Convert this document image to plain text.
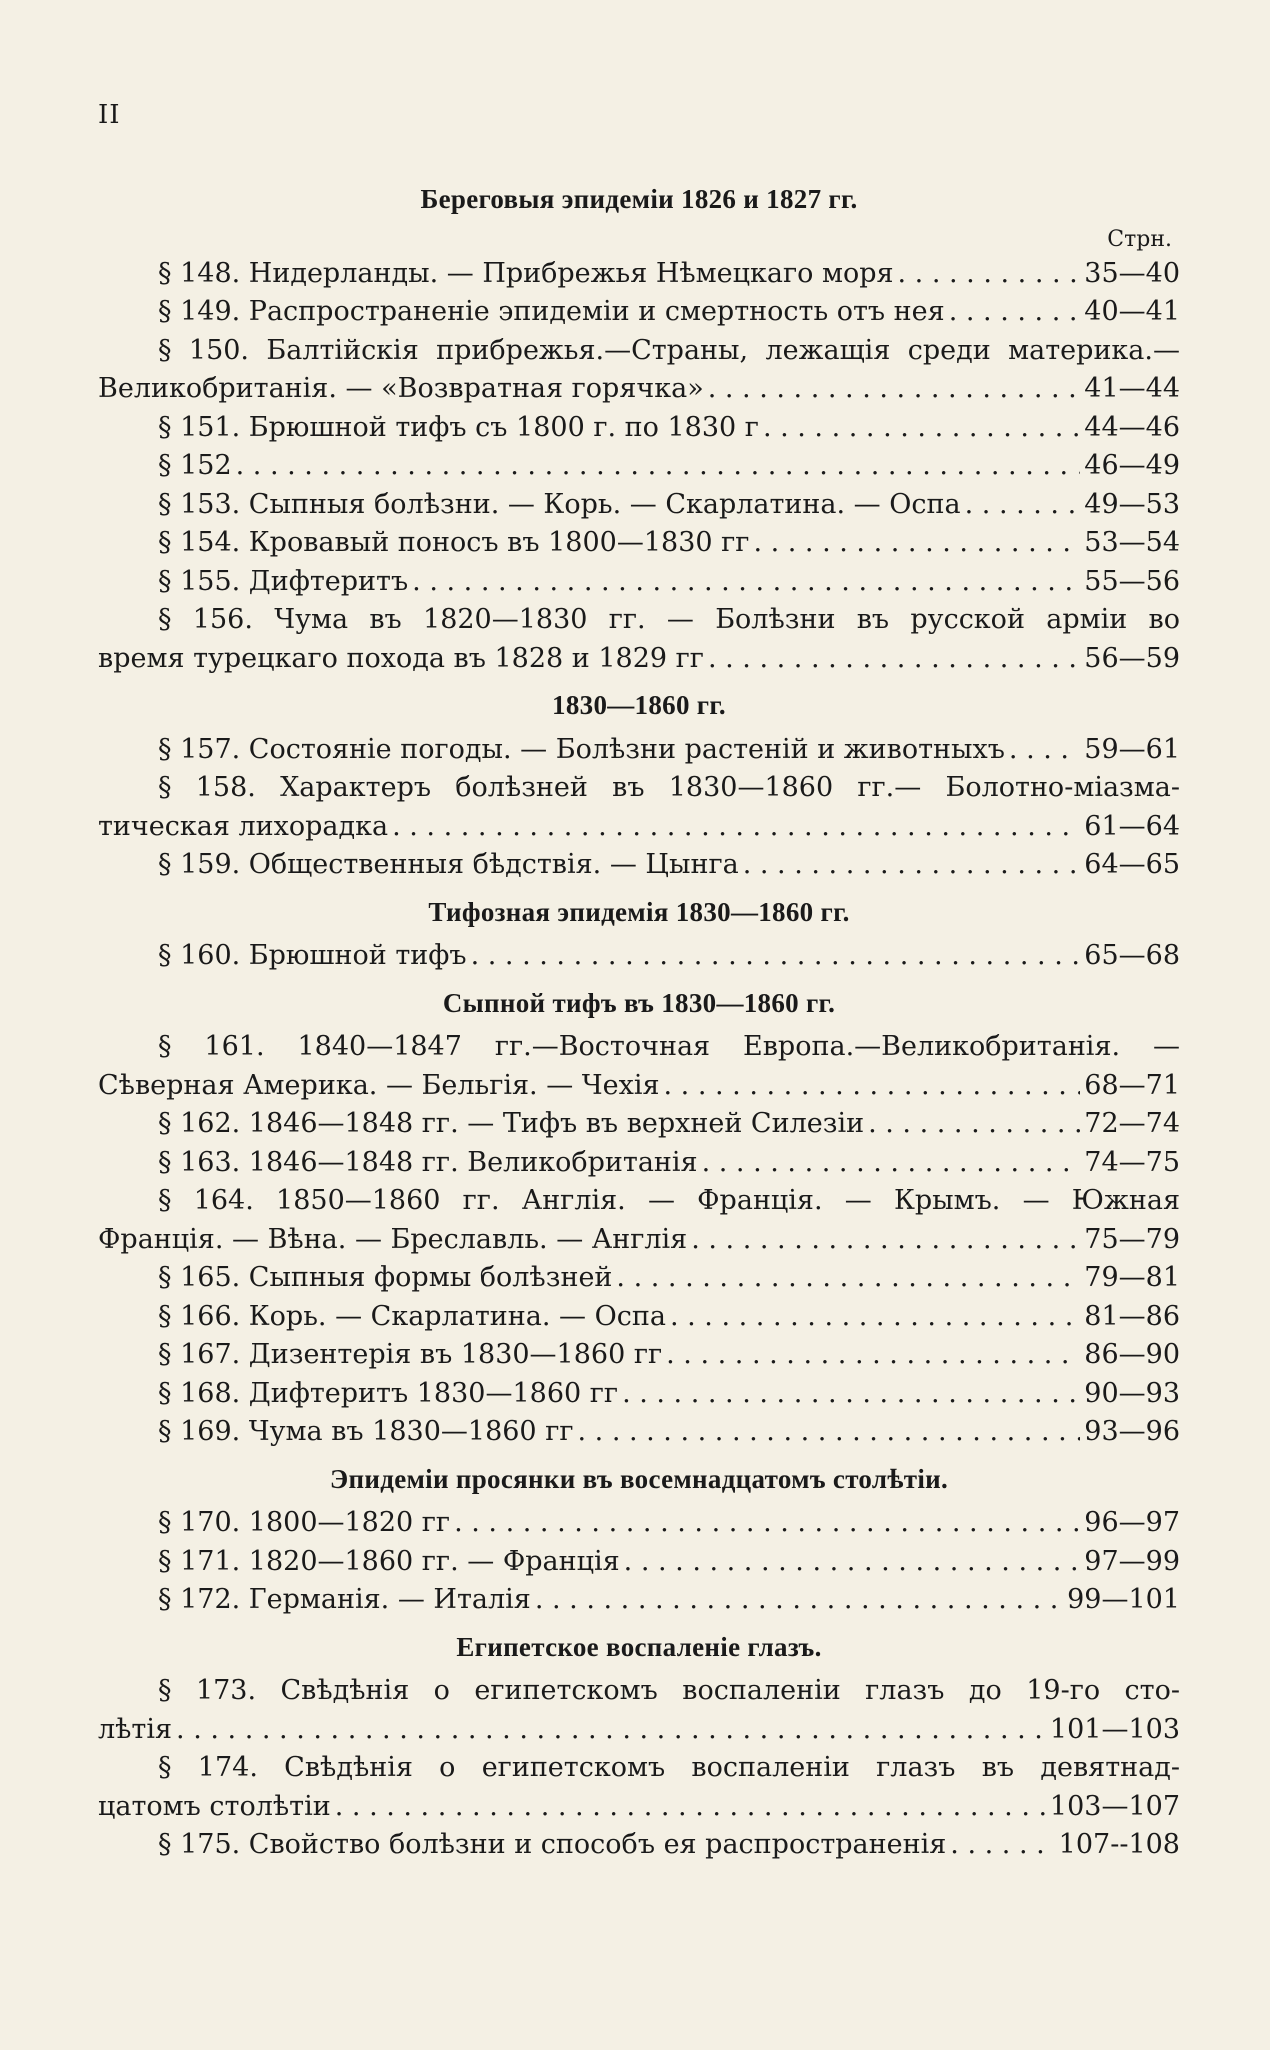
II
Береговыя эпидеміи 1826 и 1827 гг.
Стрн.
§ 148. Нидерланды. — Прибрежья Нѣмецкаго моря . . .	35—40
§ 149. Распространеніе эпидеміи и смертность отъ нея . . .	40—41
§ 150. Балтійскія прибрежья.—Страны, лежащія среди материка.—
Великобританія. — «Возвратная горячка» . . .	41—44
§ 151. Брюшной тифъ съ 1800 г. по 1830 г . . .	44—46
§ 152 . . .	46—49
§ 153. Сыпныя болѣзни. — Корь. — Скарлатина. — Оспа . . .	49—53
§ 154. Кровавый поносъ въ 1800—1830 гг . . .	53—54
§ 155. Дифтеритъ . . .	55—56
§ 156. Чума въ 1820—1830 гг. — Болѣзни въ русской арміи во
время турецкаго похода въ 1828 и 1829 гг . . .	56—59
1830—1860 гг.
§ 157. Состояніе погоды. — Болѣзни растеній и животныхъ . . .	59—61
§ 158. Характеръ болѣзней въ 1830—1860 гг.— Болотно-міазма-
тическая лихорадка . . .	61—64
§ 159. Общественныя бѣдствія. — Цынга . . .	64—65
Тифозная эпидемія 1830—1860 гг.
§ 160. Брюшной тифъ . . .	65—68
Сыпной тифъ въ 1830—1860 гг.
§ 161. 1840—1847 гг.—Восточная Европа.—Великобританія. —
Сѣверная Америка. — Бельгія. — Чехія . . .	68—71
§ 162. 1846—1848 гг. — Тифъ въ верхней Силезіи . . .	72—74
§ 163. 1846—1848 гг. Великобританія . . .	74—75
§ 164. 1850—1860 гг. Англія. — Франція. — Крымъ. — Южная
Франція. — Вѣна. — Бреславль. — Англія . . .	75—79
§ 165. Сыпныя формы болѣзней . . .	79—81
§ 166. Корь. — Скарлатина. — Оспа . . .	81—86
§ 167. Дизентерія въ 1830—1860 гг . . .	86—90
§ 168. Дифтеритъ 1830—1860 гг . . .	90—93
§ 169. Чума въ 1830—1860 гг . . .	93—96
Эпидеміи просянки въ восемнадцатомъ столѣтіи.
§ 170. 1800—1820 гг . . .	96—97
§ 171. 1820—1860 гг. — Франція . . .	97—99
§ 172. Германія. — Италія . . .	99—101
Египетское воспаленіе глазъ.
§ 173. Свѣдѣнія о египетскомъ воспаленіи глазъ до 19-го сто-
лѣтія . . .	101—103
§ 174. Свѣдѣнія о египетскомъ воспаленіи глазъ въ девятнад-
цатомъ столѣтіи . . .	103—107
§ 175. Свойство болѣзни и способъ ея распространенія . . .	107--108
